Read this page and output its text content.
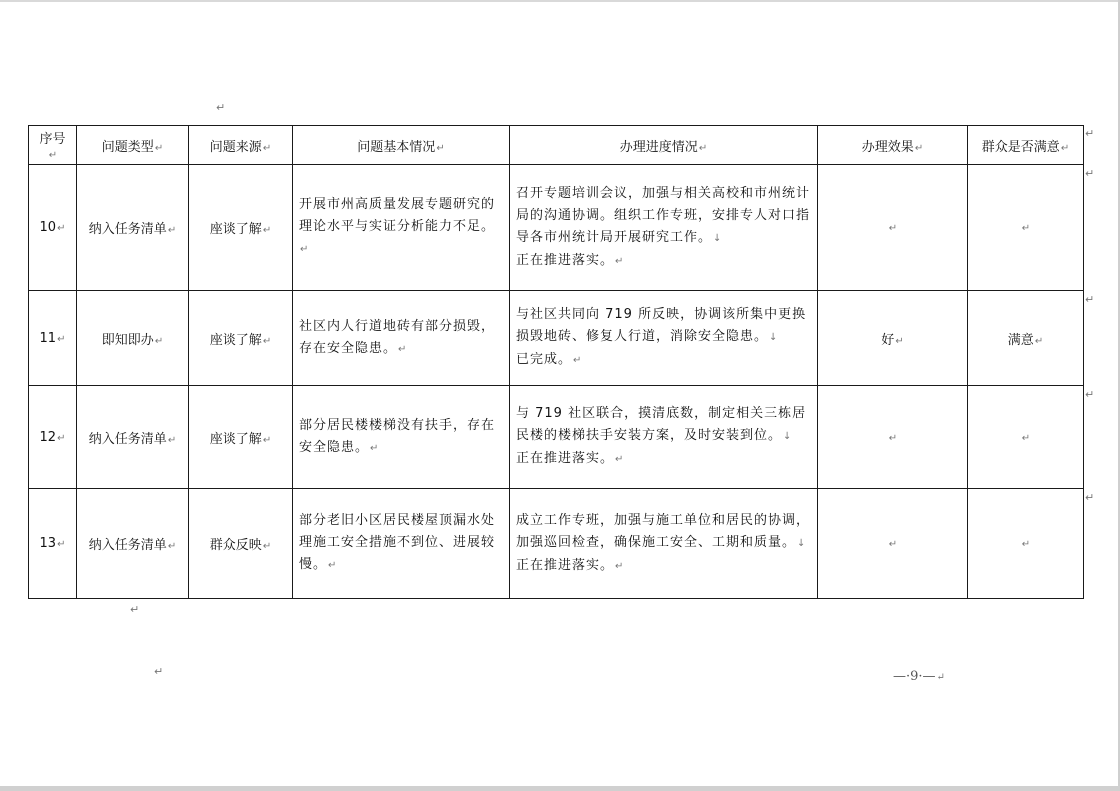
↵
序号↵	问题类型↵	问题来源↵	问题基本情况↵	办理进度情况↵	办理效果↵	群众是否满意↵
10↵	纳入任务清单↵	座谈了解↵	开展市州高质量发展专题研究的理论水平与实证分析能力不足。↵	召开专题培训会议，加强与相关高校和市州统计局的沟通协调。组织工作专班，安排专人对口指导各市州统计局开展研究工作。↓
正在推进落实。↵	↵	↵
11↵	即知即办↵	座谈了解↵	社区内人行道地砖有部分损毁，存在安全隐患。↵	与社区共同向 719 所反映，协调该所集中更换损毁地砖、修复人行道，消除安全隐患。↓
已完成。↵	好↵	满意↵
12↵	纳入任务清单↵	座谈了解↵	部分居民楼楼梯没有扶手，存在安全隐患。↵	与 719 社区联合，摸清底数，制定相关三栋居民楼的楼梯扶手安装方案，及时安装到位。↓
正在推进落实。↵	↵	↵
13↵	纳入任务清单↵	群众反映↵	部分老旧小区居民楼屋顶漏水处理施工安全措施不到位、进展较慢。↵	成立工作专班，加强与施工单位和居民的协调，加强巡回检查，确保施工安全、工期和质量。↓
正在推进落实。↵	↵	↵
↵
↵
↵
↵
↵
↵
↵	—·9·—↵
